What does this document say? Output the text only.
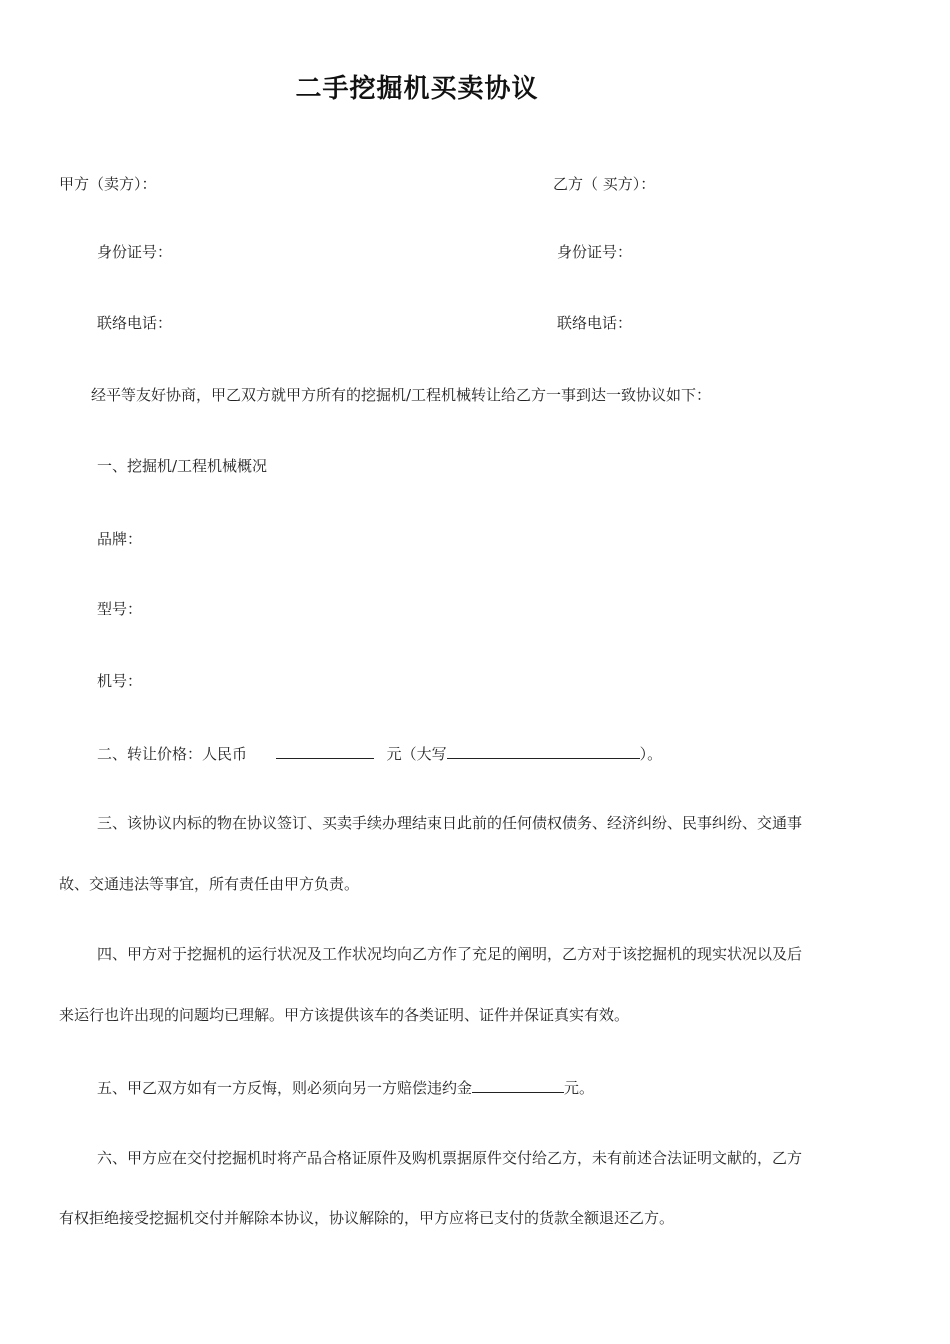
二手挖掘机买卖协议
甲方（卖方）：	乙方（ 买方）：
身份证号：	身份证号：
联络电话：	联络电话：
经平等友好协商，甲乙双方就甲方所有的挖掘机/工程机械转让给乙方一事到达一致协议如下：
一、挖掘机/工程机械概况
品牌：
型号：
机号：
二、转让价格：人民币	元（大写	）。
三、该协议内标的物在协议签订、买卖手续办理结束日此前的任何债权债务、经济纠纷、民事纠纷、交通事
故、交通违法等事宜，所有责任由甲方负责。
四、甲方对于挖掘机的运行状况及工作状况均向乙方作了充足的阐明，乙方对于该挖掘机的现实状况以及后
来运行也许出现的问题均已理解。甲方该提供该车的各类证明、证件并保证真实有效。
五、甲乙双方如有一方反悔，则必须向另一方赔偿违约金	元。
六、甲方应在交付挖掘机时将产品合格证原件及购机票据原件交付给乙方，未有前述合法证明文献的，乙方
有权拒绝接受挖掘机交付并解除本协议，协议解除的，甲方应将已支付的货款全额退还乙方。
